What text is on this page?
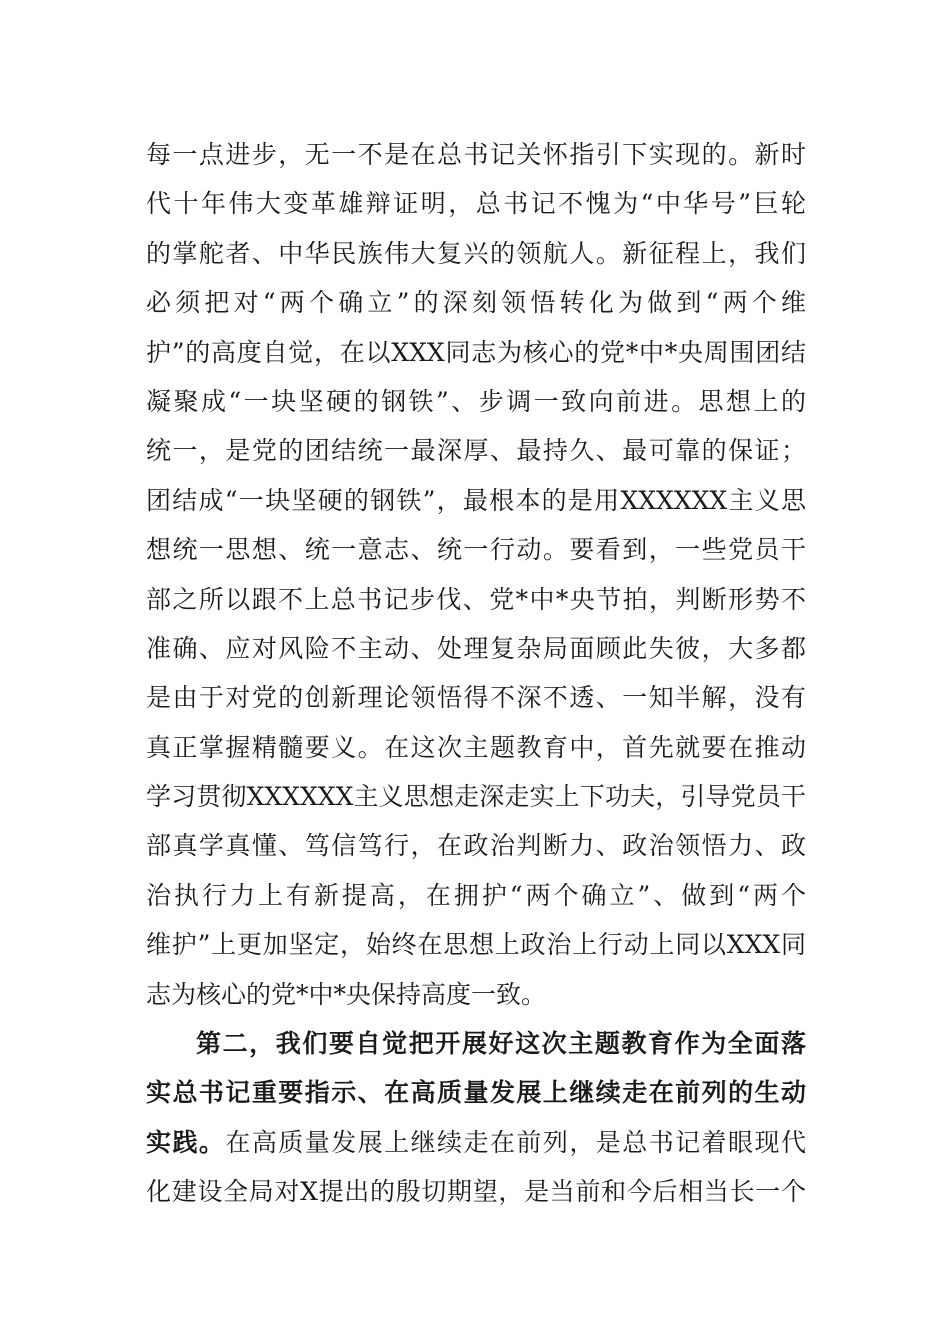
每一点进步，无一不是在总书记关怀指引下实现的。新时
代十年伟大变革雄辩证明，总书记不愧为“中华号”巨轮
的掌舵者、中华民族伟大复兴的领航人。新征程上，我们
必须把对“两个确立”的深刻领悟转化为做到“两个维
护”的高度自觉，在以XXX同志为核心的党*中*央周围团结
凝聚成“一块坚硬的钢铁”、步调一致向前进。思想上的
统一，是党的团结统一最深厚、最持久、最可靠的保证；
团结成“一块坚硬的钢铁”，最根本的是用XXXXXX主义思
想统一思想、统一意志、统一行动。要看到，一些党员干
部之所以跟不上总书记步伐、党*中*央节拍，判断形势不
准确、应对风险不主动、处理复杂局面顾此失彼，大多都
是由于对党的创新理论领悟得不深不透、一知半解，没有
真正掌握精髓要义。在这次主题教育中，首先就要在推动
学习贯彻XXXXXX主义思想走深走实上下功夫，引导党员干
部真学真懂、笃信笃行，在政治判断力、政治领悟力、政
治执行力上有新提高，在拥护“两个确立”、做到“两个
维护”上更加坚定，始终在思想上政治上行动上同以XXX同
志为核心的党*中*央保持高度一致。
第二，我们要自觉把开展好这次主题教育作为全面落
实总书记重要指示、在高质量发展上继续走在前列的生动
实践。在高质量发展上继续走在前列，是总书记着眼现代
化建设全局对X提出的殷切期望，是当前和今后相当长一个
